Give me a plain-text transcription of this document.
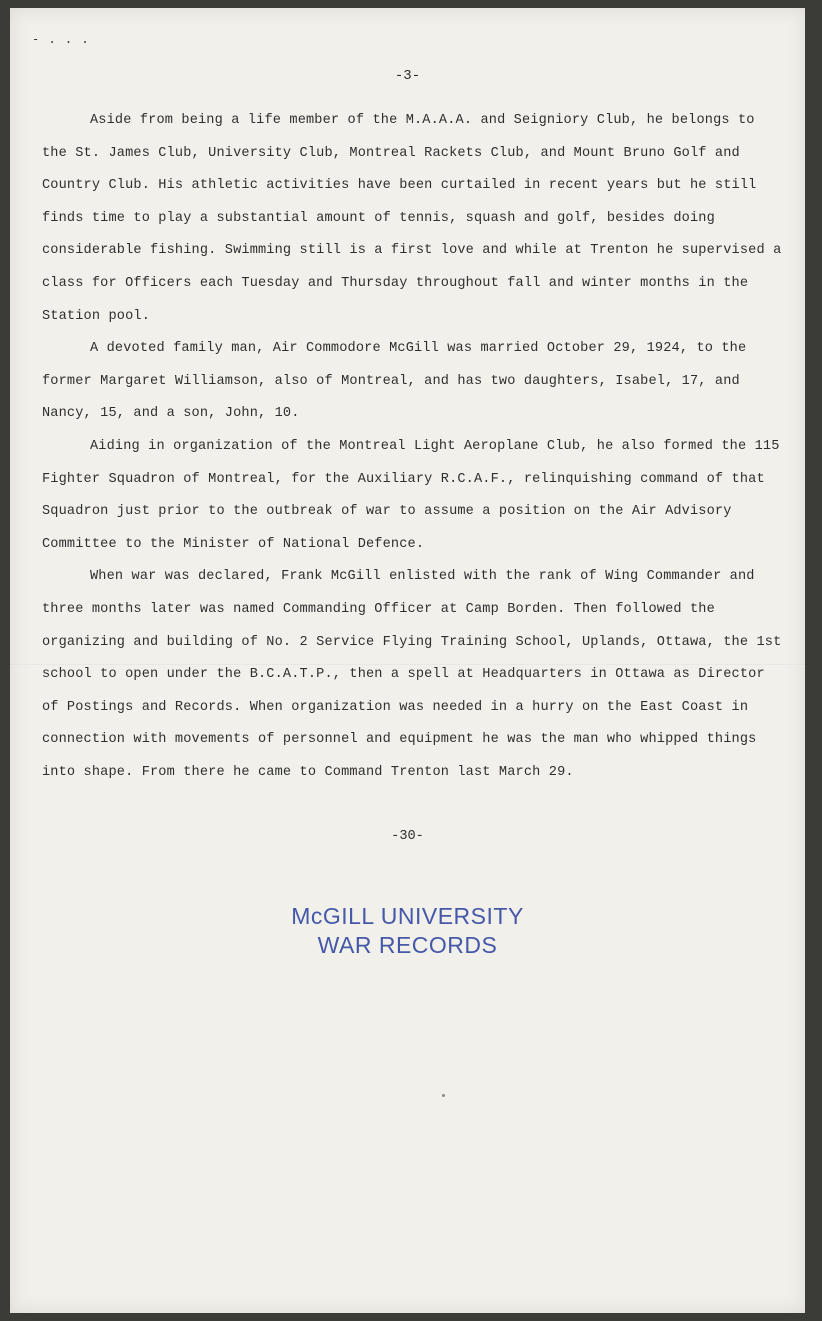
- . . .
-3-

Aside from being a life member of the M.A.A.A. and Seigniory Club, he belongs to the St. James Club, University Club, Montreal Rackets Club, and Mount Bruno Golf and Country Club. His athletic activities have been curtailed in recent years but he still finds time to play a substantial amount of tennis, squash and golf, besides doing considerable fishing. Swimming still is a first love and while at Trenton he supervised a class for Officers each Tuesday and Thursday throughout fall and winter months in the Station pool.

A devoted family man, Air Commodore McGill was married October 29, 1924, to the former Margaret Williamson, also of Montreal, and has two daughters, Isabel, 17, and Nancy, 15, and a son, John, 10.

Aiding in organization of the Montreal Light Aeroplane Club, he also formed the 115 Fighter Squadron of Montreal, for the Auxiliary R.C.A.F., relinquishing command of that Squadron just prior to the outbreak of war to assume a position on the Air Advisory Committee to the Minister of National Defence.

When war was declared, Frank McGill enlisted with the rank of Wing Commander and three months later was named Commanding Officer at Camp Borden. Then followed the organizing and building of No. 2 Service Flying Training School, Uplands, Ottawa, the 1st school to open under the B.C.A.T.P., then a spell at Headquarters in Ottawa as Director of Postings and Records. When organization was needed in a hurry on the East Coast in connection with movements of personnel and equipment he was the man who whipped things into shape. From there he came to Command Trenton last March 29.

-30-
McGILL UNIVERSITY
WAR RECORDS
